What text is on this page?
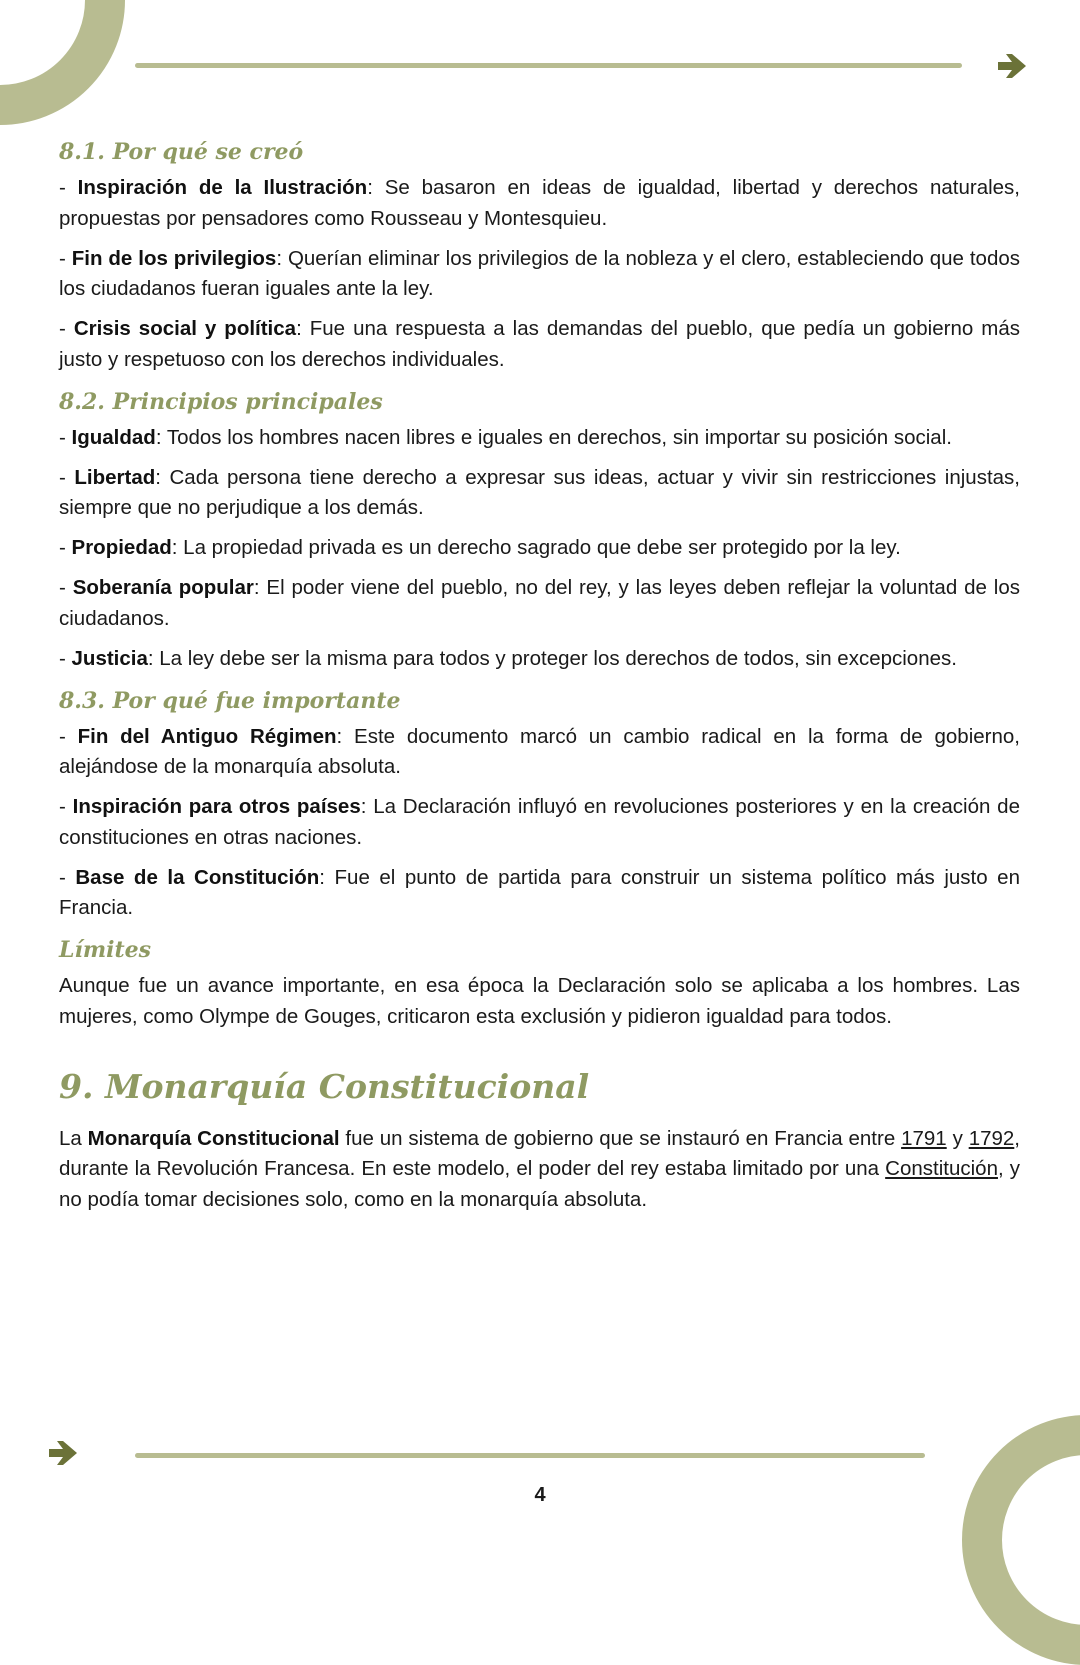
8.1. Por qué se creó

- Inspiración de la Ilustración: Se basaron en ideas de igualdad, libertad y derechos naturales, propuestas por pensadores como Rousseau y Montesquieu.

- Fin de los privilegios: Querían eliminar los privilegios de la nobleza y el clero, estableciendo que todos los ciudadanos fueran iguales ante la ley.

- Crisis social y política: Fue una respuesta a las demandas del pueblo, que pedía un gobierno más justo y respetuoso con los derechos individuales.

8.2. Principios principales

- Igualdad: Todos los hombres nacen libres e iguales en derechos, sin importar su posición social.

- Libertad: Cada persona tiene derecho a expresar sus ideas, actuar y vivir sin restricciones injustas, siempre que no perjudique a los demás.

- Propiedad: La propiedad privada es un derecho sagrado que debe ser protegido por la ley.

- Soberanía popular: El poder viene del pueblo, no del rey, y las leyes deben reflejar la voluntad de los ciudadanos.

- Justicia: La ley debe ser la misma para todos y proteger los derechos de todos, sin excepciones.

8.3. Por qué fue importante

- Fin del Antiguo Régimen: Este documento marcó un cambio radical en la forma de gobierno, alejándose de la monarquía absoluta.

- Inspiración para otros países: La Declaración influyó en revoluciones posteriores y en la creación de constituciones en otras naciones.

- Base de la Constitución: Fue el punto de partida para construir un sistema político más justo en Francia.

Límites

Aunque fue un avance importante, en esa época la Declaración solo se aplicaba a los hombres. Las mujeres, como Olympe de Gouges, criticaron esta exclusión y pidieron igualdad para todos.

9. Monarquía Constitucional

La Monarquía Constitucional fue un sistema de gobierno que se instauró en Francia entre 1791 y 1792, durante la Revolución Francesa. En este modelo, el poder del rey estaba limitado por una Constitución, y no podía tomar decisiones solo, como en la monarquía absoluta.

4
